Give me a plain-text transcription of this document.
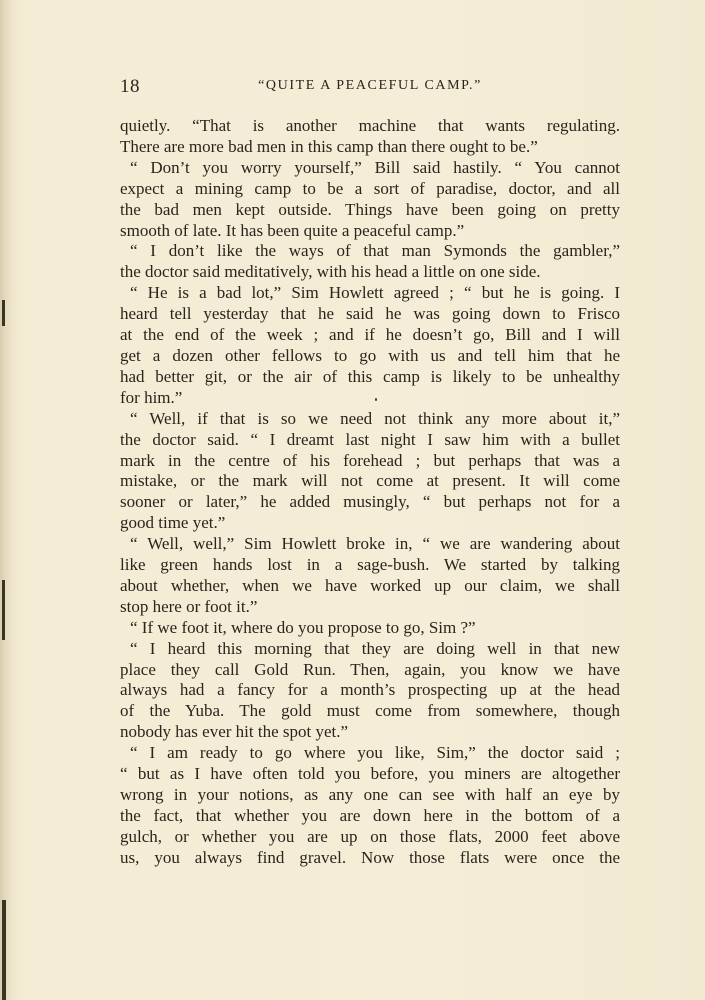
18	“QUITE A PEACEFUL CAMP.”
quietly. “That is another machine that wants regulating.
There are more bad men in this camp than there ought to be.”
“ Don’t you worry yourself,” Bill said hastily. “ You cannot
expect a mining camp to be a sort of paradise, doctor, and all
the bad men kept outside. Things have been going on pretty
smooth of late. It has been quite a peaceful camp.”
“ I don’t like the ways of that man Symonds the gambler,”
the doctor said meditatively, with his head a little on one side.
“ He is a bad lot,” Sim Howlett agreed ; “ but he is going. I
heard tell yesterday that he said he was going down to Frisco
at the end of the week ; and if he doesn’t go, Bill and I will
get a dozen other fellows to go with us and tell him that he
had better git, or the air of this camp is likely to be unhealthy
for him.”
“ Well, if that is so we need not think any more about it,”
the doctor said. “ I dreamt last night I saw him with a bullet
mark in the centre of his forehead ; but perhaps that was a
mistake, or the mark will not come at present. It will come
sooner or later,” he added musingly, “ but perhaps not for a
good time yet.”
“ Well, well,” Sim Howlett broke in, “ we are wandering about
like green hands lost in a sage-bush. We started by talking
about whether, when we have worked up our claim, we shall
stop here or foot it.”
“ If we foot it, where do you propose to go, Sim ?”
“ I heard this morning that they are doing well in that new
place they call Gold Run. Then, again, you know we have
always had a fancy for a month’s prospecting up at the head
of the Yuba. The gold must come from somewhere, though
nobody has ever hit the spot yet.”
“ I am ready to go where you like, Sim,” the doctor said ;
“ but as I have often told you before, you miners are altogether
wrong in your notions, as any one can see with half an eye by
the fact, that whether you are down here in the bottom of a
gulch, or whether you are up on those flats, 2000 feet above
us, you always find gravel. Now those flats were once the
